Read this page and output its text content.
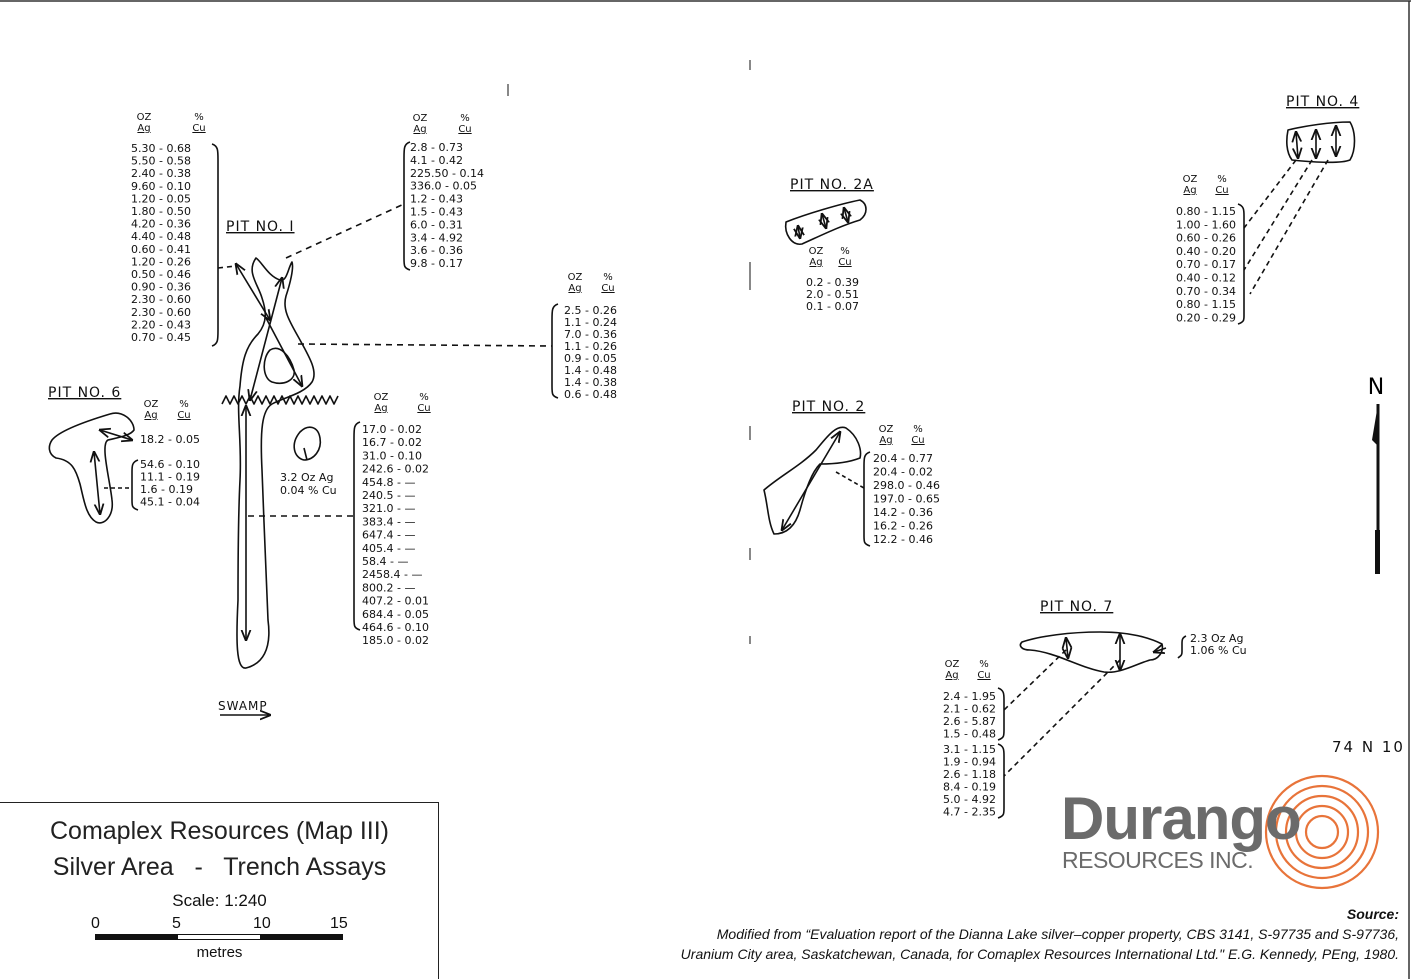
N
PIT NO. I
OZ	%
Ag	Cu
5.30 - 0.68
5.50 - 0.58
2.40 - 0.38
9.60 - 0.10
1.20 - 0.05
1.80 - 0.50
4.20 - 0.36
4.40 - 0.48
0.60 - 0.41
1.20 - 0.26
0.50 - 0.46
0.90 - 0.36
2.30 - 0.60
2.30 - 0.60
2.20 - 0.43
0.70 - 0.45
OZ	%
Ag	Cu
2.8 - 0.73
4.1 - 0.42
225.50 - 0.14
336.0 - 0.05
1.2 - 0.43
1.5 - 0.43
6.0 - 0.31
3.4 - 4.92
3.6 - 0.36
9.8 - 0.17
OZ %
Ag Cu
2.5 - 0.26
1.1 - 0.24
7.0 - 0.36
1.1 - 0.26
0.9 - 0.05
1.4 - 0.48
1.4 - 0.38
0.6 - 0.48
OZ	%
Ag	Cu
17.0 - 0.02
16.7 - 0.02
31.0 - 0.10
242.6 - 0.02
454.8 - —
240.5 - —
321.0 - —
383.4 - —
647.4 - —
405.4 - —
58.4 - —
2458.4 - —
800.2 - —
407.2 - 0.01
684.4 - 0.05
464.6 - 0.10
185.0 - 0.02
3.2 Oz Ag
0.04 % Cu
SWAMP
PIT NO. 6
OZ %
Ag Cu
18.2 - 0.05
54.6 - 0.10
11.1 - 0.19
1.6 - 0.19
45.1 - 0.04
PIT NO. 2A
OZ %
Ag Cu
0.2 - 0.39
2.0 - 0.51
0.1 - 0.07
PIT NO. 2
OZ %
Ag Cu
20.4 - 0.77
20.4 - 0.02
298.0 - 0.46
197.0 - 0.65
14.2 - 0.36
16.2 - 0.26
12.2 - 0.46
PIT NO. 4
OZ %
Ag Cu
0.80 - 1.15
1.00 - 1.60
0.60 - 0.26
0.40 - 0.20
0.70 - 0.17
0.40 - 0.12
0.70 - 0.34
0.80 - 1.15
0.20 - 0.29
PIT NO. 7
OZ %
Ag Cu
2.4 - 1.95
2.1 - 0.62
2.6 - 5.87
1.5 - 0.48
3.1 - 1.15
1.9 - 0.94
2.6 - 1.18
8.4 - 0.19
5.0 - 4.92
4.7 - 2.35
2.3 Oz Ag
1.06 % Cu
74 N 10
Comaplex Resources (Map III)
Silver Area   -   Trench Assays
Scale: 1:240
0	5	10	15
metres
Durango
RESOURCES INC.
Source:
Modified from “Evaluation report of the Dianna Lake silver–copper property, CBS 3141, S-97735 and S-97736,
Uranium City area, Saskatchewan, Canada, for Comaplex Resources International Ltd." E.G. Kennedy, PEng, 1980.
